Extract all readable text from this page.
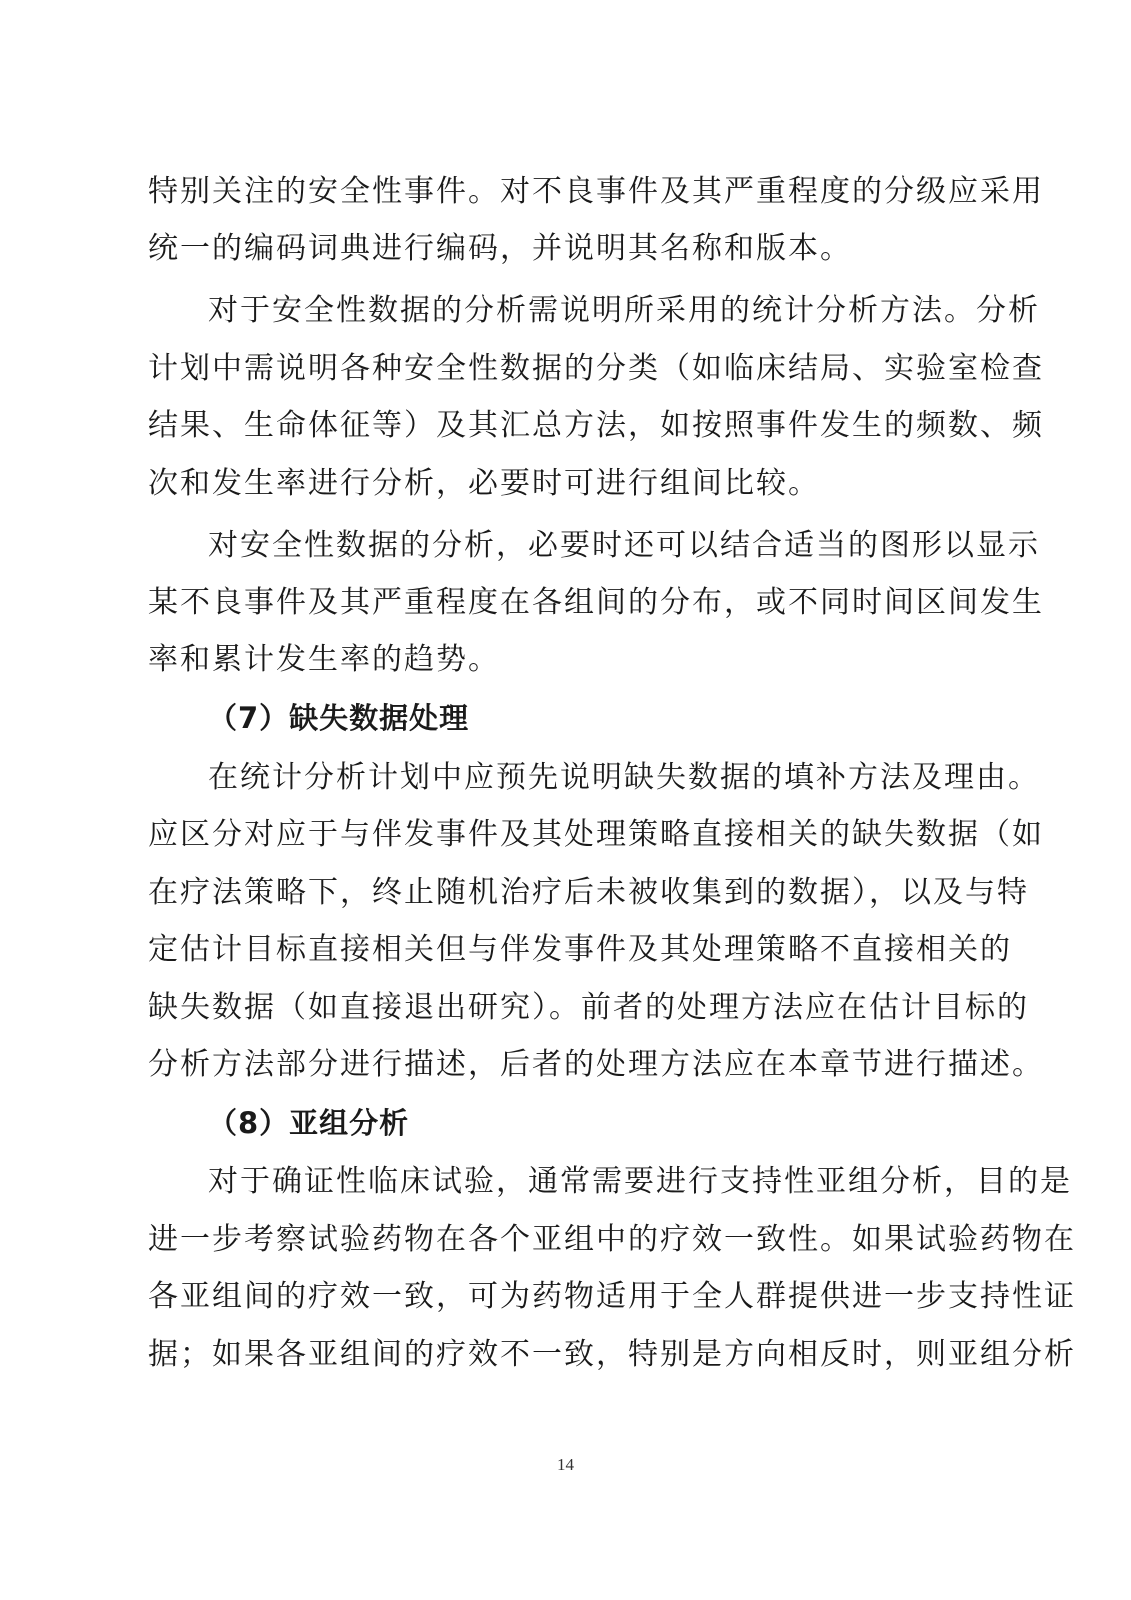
特别关注的安全性事件。对不良事件及其严重程度的分级应采用
统一的编码词典进行编码，并说明其名称和版本。
对于安全性数据的分析需说明所采用的统计分析方法。分析
计划中需说明各种安全性数据的分类（如临床结局、实验室检查
结果、生命体征等）及其汇总方法，如按照事件发生的频数、频
次和发生率进行分析，必要时可进行组间比较。
对安全性数据的分析，必要时还可以结合适当的图形以显示
某不良事件及其严重程度在各组间的分布，或不同时间区间发生
率和累计发生率的趋势。
（7）缺失数据处理
在统计分析计划中应预先说明缺失数据的填补方法及理由。
应区分对应于与伴发事件及其处理策略直接相关的缺失数据（如
在疗法策略下，终止随机治疗后未被收集到的数据），以及与特
定估计目标直接相关但与伴发事件及其处理策略不直接相关的
缺失数据（如直接退出研究）。前者的处理方法应在估计目标的
分析方法部分进行描述，后者的处理方法应在本章节进行描述。
（8）亚组分析
对于确证性临床试验，通常需要进行支持性亚组分析，目的是
进一步考察试验药物在各个亚组中的疗效一致性。如果试验药物在
各亚组间的疗效一致，可为药物适用于全人群提供进一步支持性证
据；如果各亚组间的疗效不一致，特别是方向相反时，则亚组分析
14
